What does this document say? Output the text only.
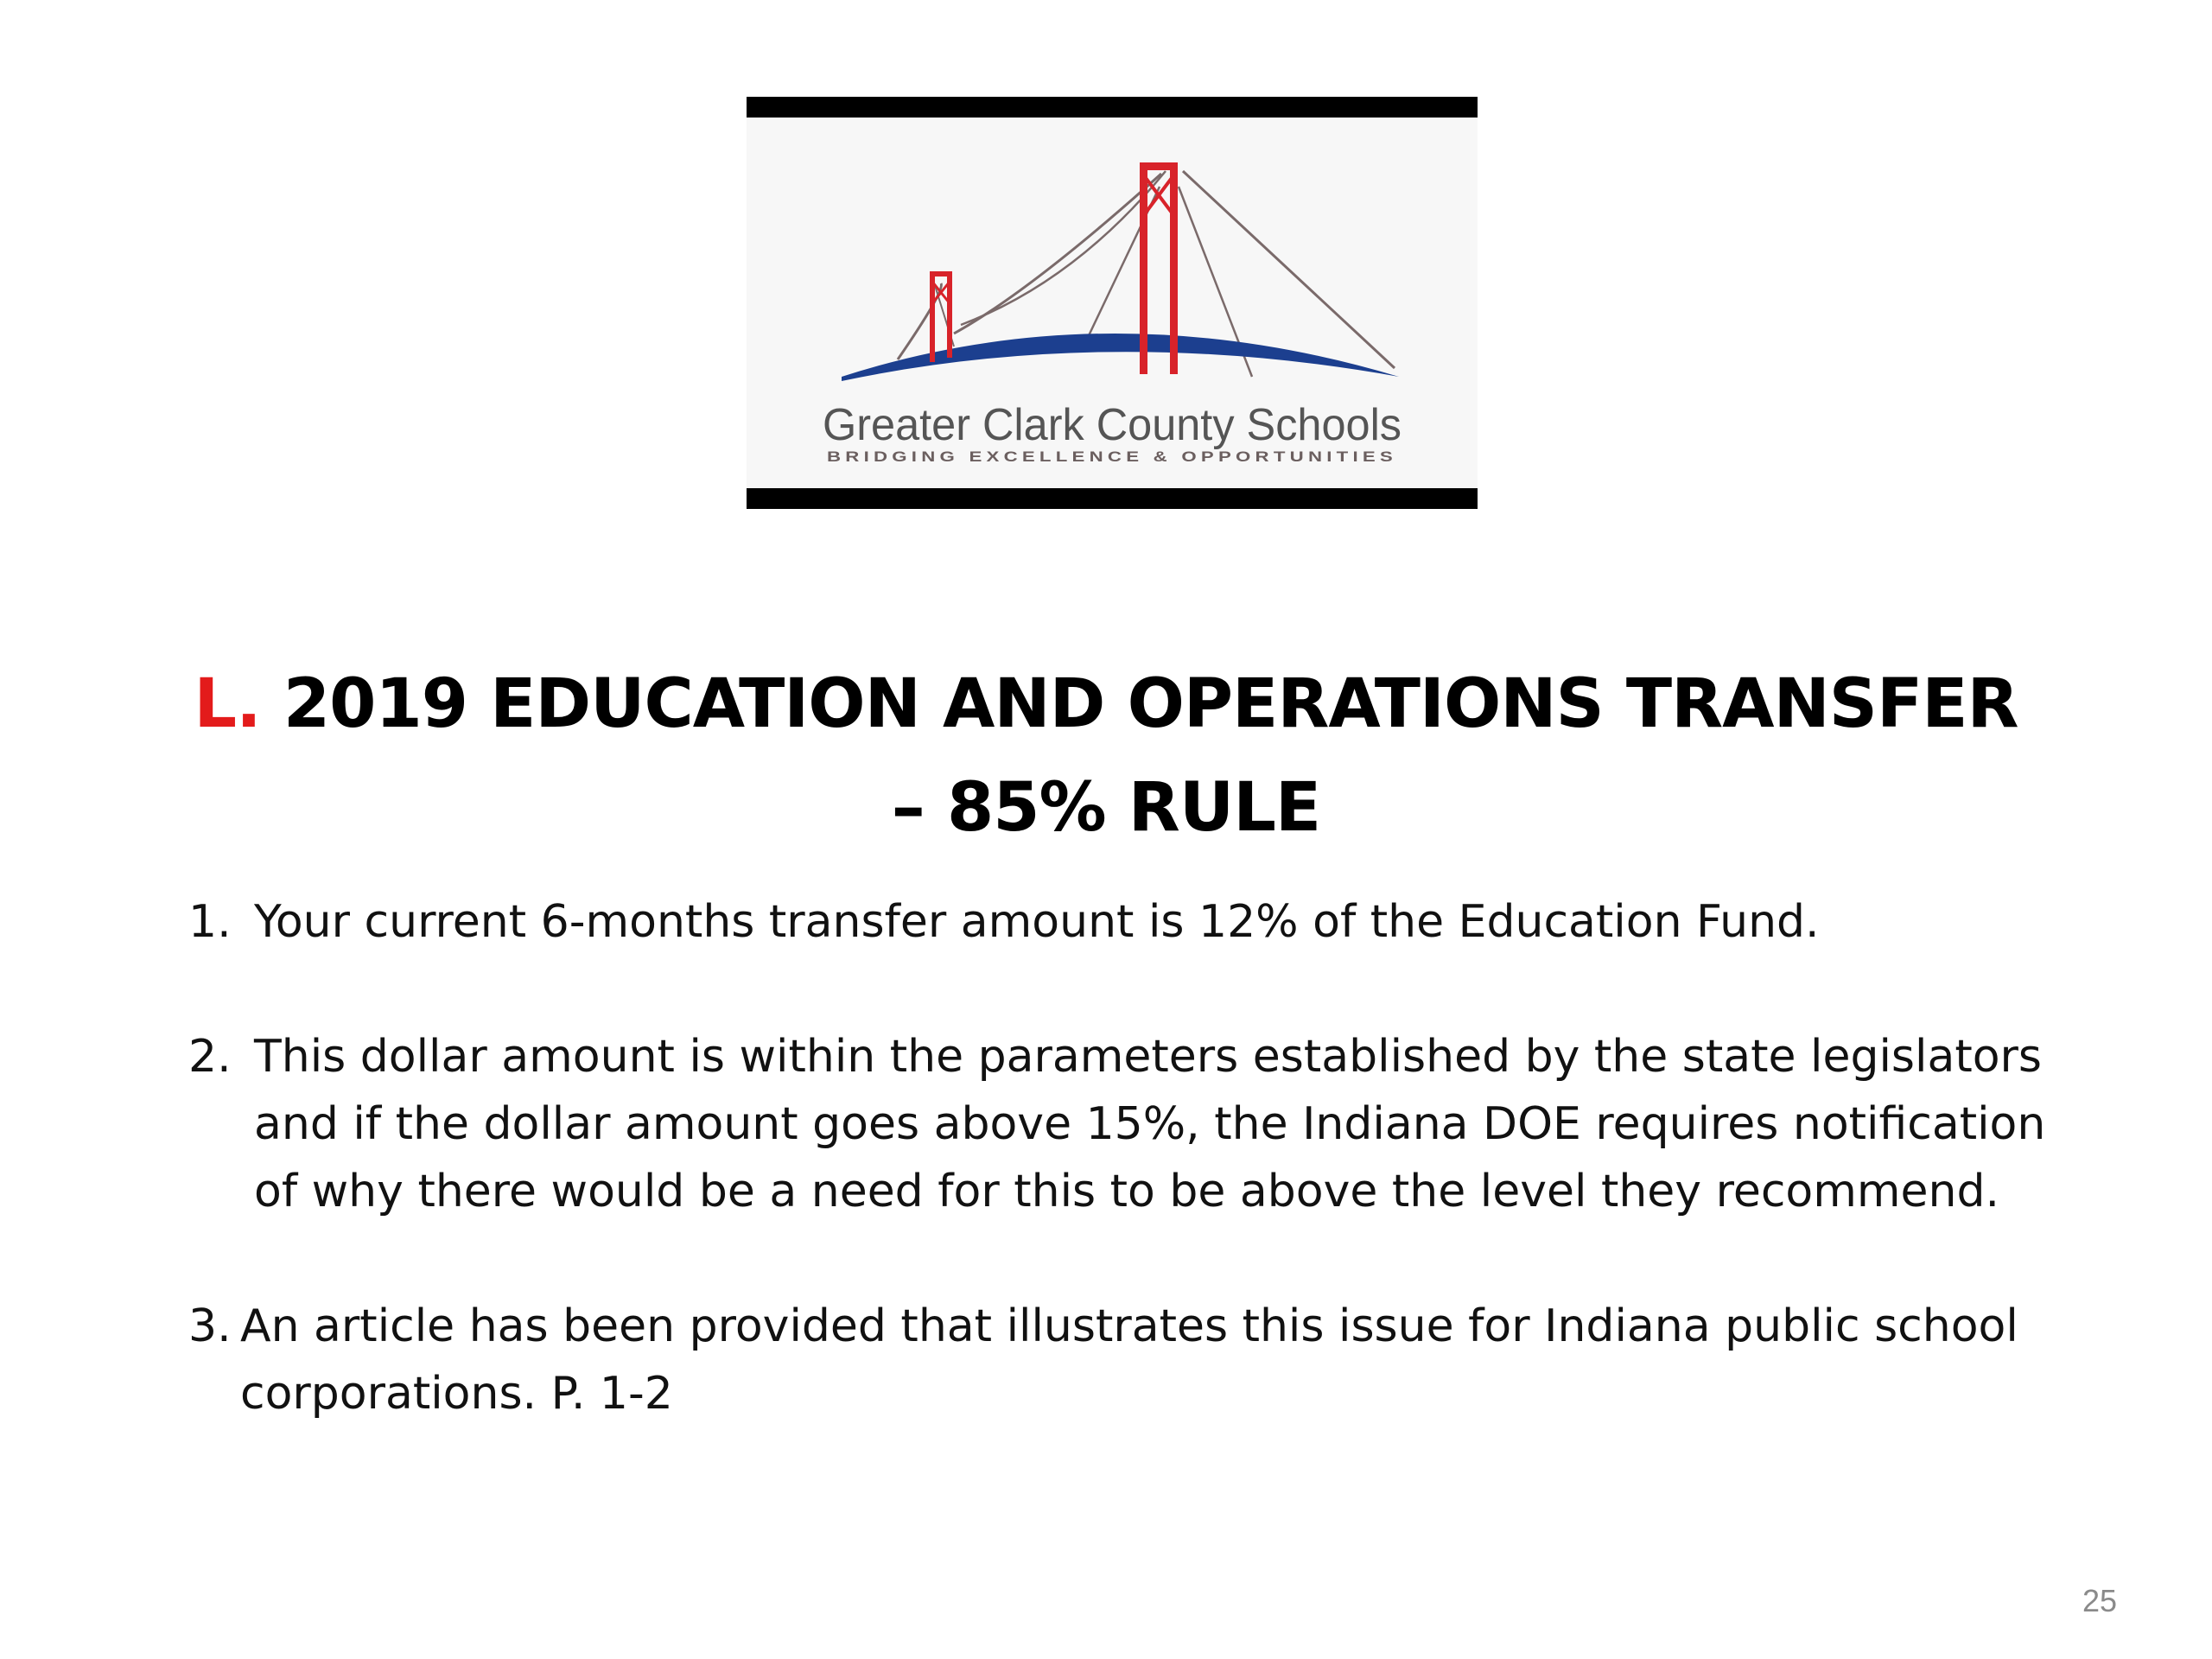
Greater Clark County Schools
BRIDGING EXCELLENCE & OPPORTUNITIES
L. 2019 EDUCATION AND OPERATIONS TRANSFER
– 85% RULE
1. Your current 6-months transfer amount is 12% of the Education Fund.
2. This dollar amount is within the parameters established by the state legislators
and if the dollar amount goes above 15%, the Indiana DOE requires notification
of why there would be a need for this to be above the level they recommend.
3. An article has been provided that illustrates this issue for Indiana public school
corporations. P. 1-2
25
